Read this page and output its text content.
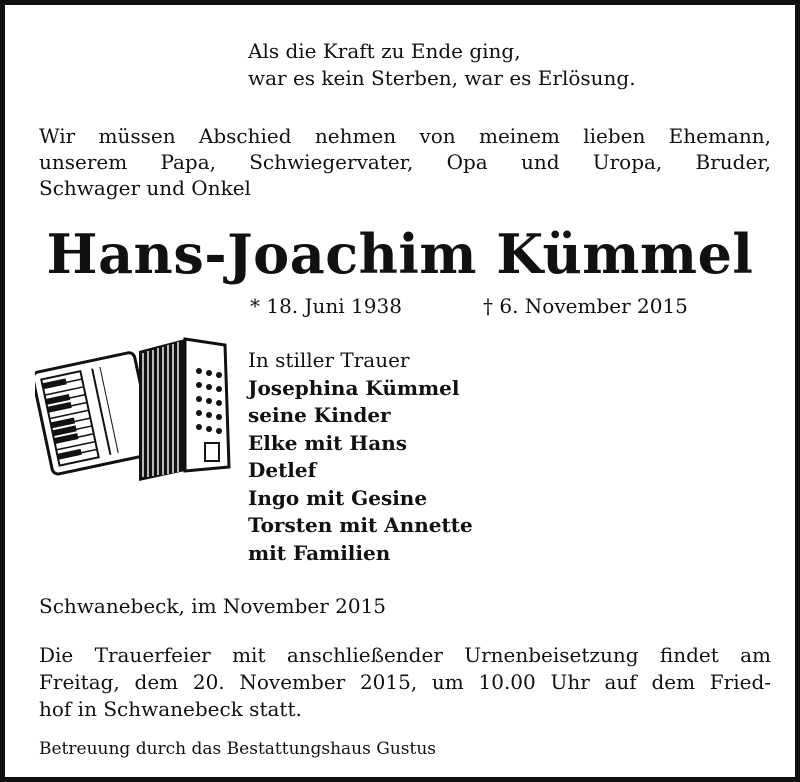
Als die Kraft zu Ende ging,
war es kein Sterben, war es Erlösung.
Wir müssen Abschied nehmen von meinem lieben Ehemann,
unserem Papa, Schwiegervater, Opa und Uropa, Bruder,
Schwager und Onkel
Hans-Joachim Kümmel
* 18. Juni 1938	† 6. November 2015
In stiller Trauer
Josephina Kümmel
seine Kinder
Elke mit Hans
Detlef
Ingo mit Gesine
Torsten mit Annette
mit Familien
Schwanebeck, im November 2015
Die Trauerfeier mit anschließender Urnenbeisetzung findet am
Freitag, dem 20. November 2015, um 10.00 Uhr auf dem Fried-
hof in Schwanebeck statt.
Betreuung durch das Bestattungshaus Gustus
